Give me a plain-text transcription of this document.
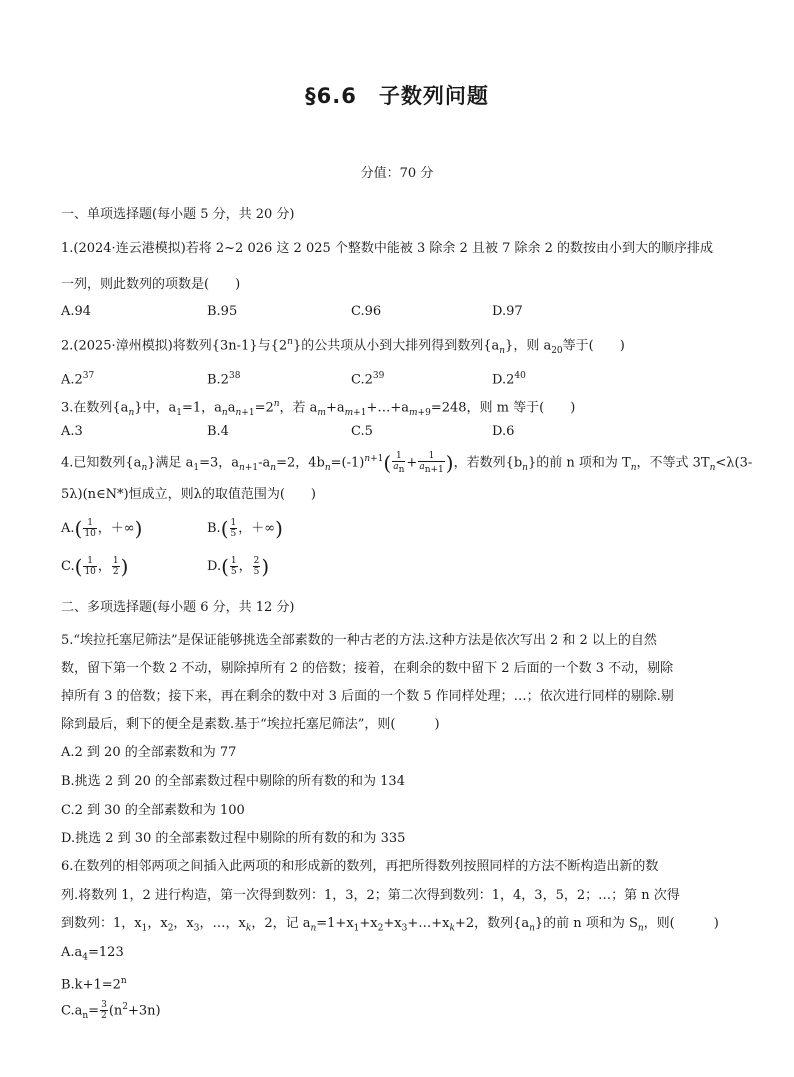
§6.6 子数列问题
分值：70 分
一、单项选择题(每小题 5 分，共 20 分)
1.(2024·连云港模拟)若将 2~2 026 这 2 025 个整数中能被 3 除余 2 且被 7 除余 2 的数按由小到大的顺序排成
一列，则此数列的项数是(　　)
A.94	B.95	C.96	D.97
2.(2025·漳州模拟)将数列{3n-1}与{2$^n$}的公共项从小到大排列得到数列$\{a_n\}$，则 $a_{20}$等于(　　)
$A.2^{37}$	$B.2^{38}$	$C.2^{39}$	$D.2^{40}$
3.在数列$\{a_n\}$中，$a_1=1$，$a_na_{n+1}=2^n$，若 $a_m+a_{m+1}+\dots+a_{m+9}=248$，则 m 等于(　　)
A.3	B.4	C.5	D.6
4.已知数列$\{a_n\}$满足 $a_1=3$，$a_{n+1}-a_n=2$，$4b_n=(-1)^{n+1}( \frac{1}{a_n} + \frac{1}{a_{n+1}}$ )，若数列$\{b_n\}$的前 n 项和为 $T_n$，不等式 $3T_n<\lambda(3-$
5λ)(n∈N*)恒成立，则λ的取值范围为(　　)
$A.( \frac{1}{10}$ ，＋∞)	$B.( \frac{1}{5}$ ，＋∞)
$C.( \frac{1}{10}$ ， $\frac{1}{2}$ )	$D.( \frac{1}{5}$ ， $\frac{2}{5}$ )
二、多项选择题(每小题 6 分，共 12 分)
5.“埃拉托塞尼筛法”是保证能够挑选全部素数的一种古老的方法.这种方法是依次写出 2 和 2 以上的自然
数，留下第一个数 2 不动，剔除掉所有 2 的倍数；接着，在剩余的数中留下 2 后面的一个数 3 不动，剔除
掉所有 3 的倍数；接下来，再在剩余的数中对 3 后面的一个数 5 作同样处理；…；依次进行同样的剔除.剔
除到最后，剩下的便全是素数.基于“埃拉托塞尼筛法”，则(　　　)
A.2 到 20 的全部素数和为 77
B.挑选 2 到 20 的全部素数过程中剔除的所有数的和为 134
C.2 到 30 的全部素数和为 100
D.挑选 2 到 30 的全部素数过程中剔除的所有数的和为 335
6.在数列的相邻两项之间插入此两项的和形成新的数列，再把所得数列按照同样的方法不断构造出新的数
列.将数列 1，2 进行构造，第一次得到数列：1，3，2；第二次得到数列：1，4，3，5，2；…；第 n 次得
到数列：1，$x_1$，$x_2$，$x_3$，…，$x_k$，2，记 $a_n=1+x_1+x_2+x_3+\dots+x_k+2$，数列$\{a_n\}$的前 n 项和为 $S_n$，则(　　　)
$A.a_4=123$
$B.k+1=2^n$
$C.a_n= \frac{3}{2} (n^2+3n)$
